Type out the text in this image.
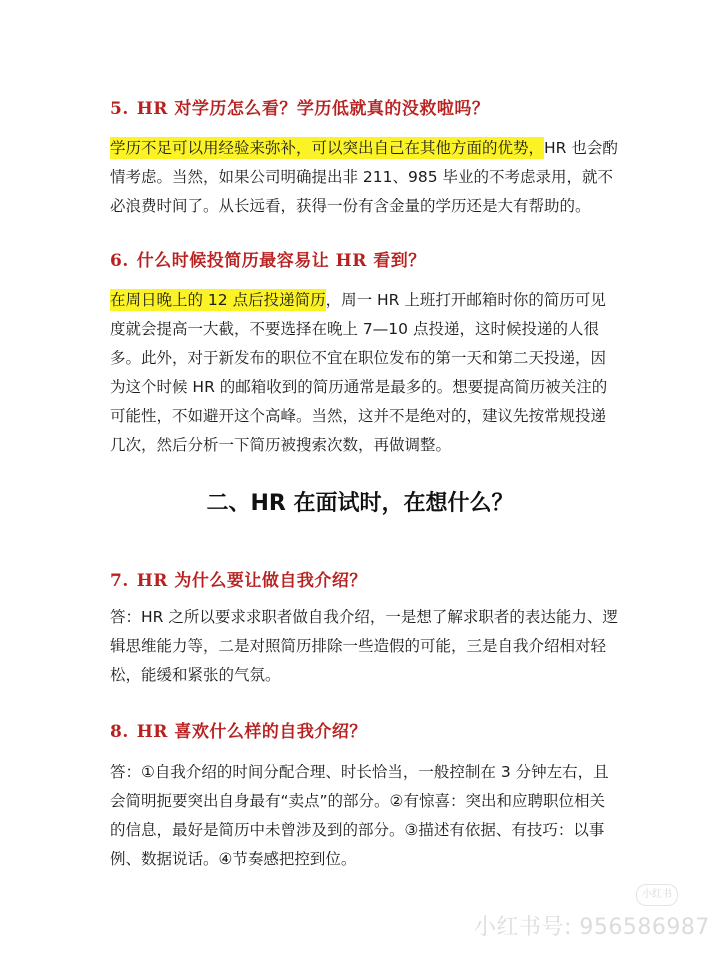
5. HR 对学历怎么看？学历低就真的没救啦吗？
学历不足可以用经验来弥补，可以突出自己在其他方面的优势，HR 也会酌情考虑。当然，如果公司明确提出非 211、985 毕业的不考虑录用，就不必浪费时间了。从长远看，获得一份有含金量的学历还是大有帮助的。
6. 什么时候投简历最容易让 HR 看到？
在周日晚上的 12 点后投递简历，周一 HR 上班打开邮箱时你的简历可见度就会提高一大截，不要选择在晚上 7—10 点投递，这时候投递的人很多。此外，对于新发布的职位不宜在职位发布的第一天和第二天投递，因为这个时候 HR 的邮箱收到的简历通常是最多的。想要提高简历被关注的可能性，不如避开这个高峰。当然，这并不是绝对的，建议先按常规投递几次，然后分析一下简历被搜索次数，再做调整。
二、HR 在面试时，在想什么？
7. HR 为什么要让做自我介绍？
答：HR 之所以要求求职者做自我介绍，一是想了解求职者的表达能力、逻辑思维能力等，二是对照简历排除一些造假的可能，三是自我介绍相对轻松，能缓和紧张的气氛。
8. HR 喜欢什么样的自我介绍？
答：①自我介绍的时间分配合理、时长恰当，一般控制在 3 分钟左右，且会简明扼要突出自身最有“卖点”的部分。②有惊喜：突出和应聘职位相关的信息，最好是简历中未曾涉及到的部分。③描述有依据、有技巧：以事例、数据说话。④节奏感把控到位。
小红书
小红书号: 956586987
